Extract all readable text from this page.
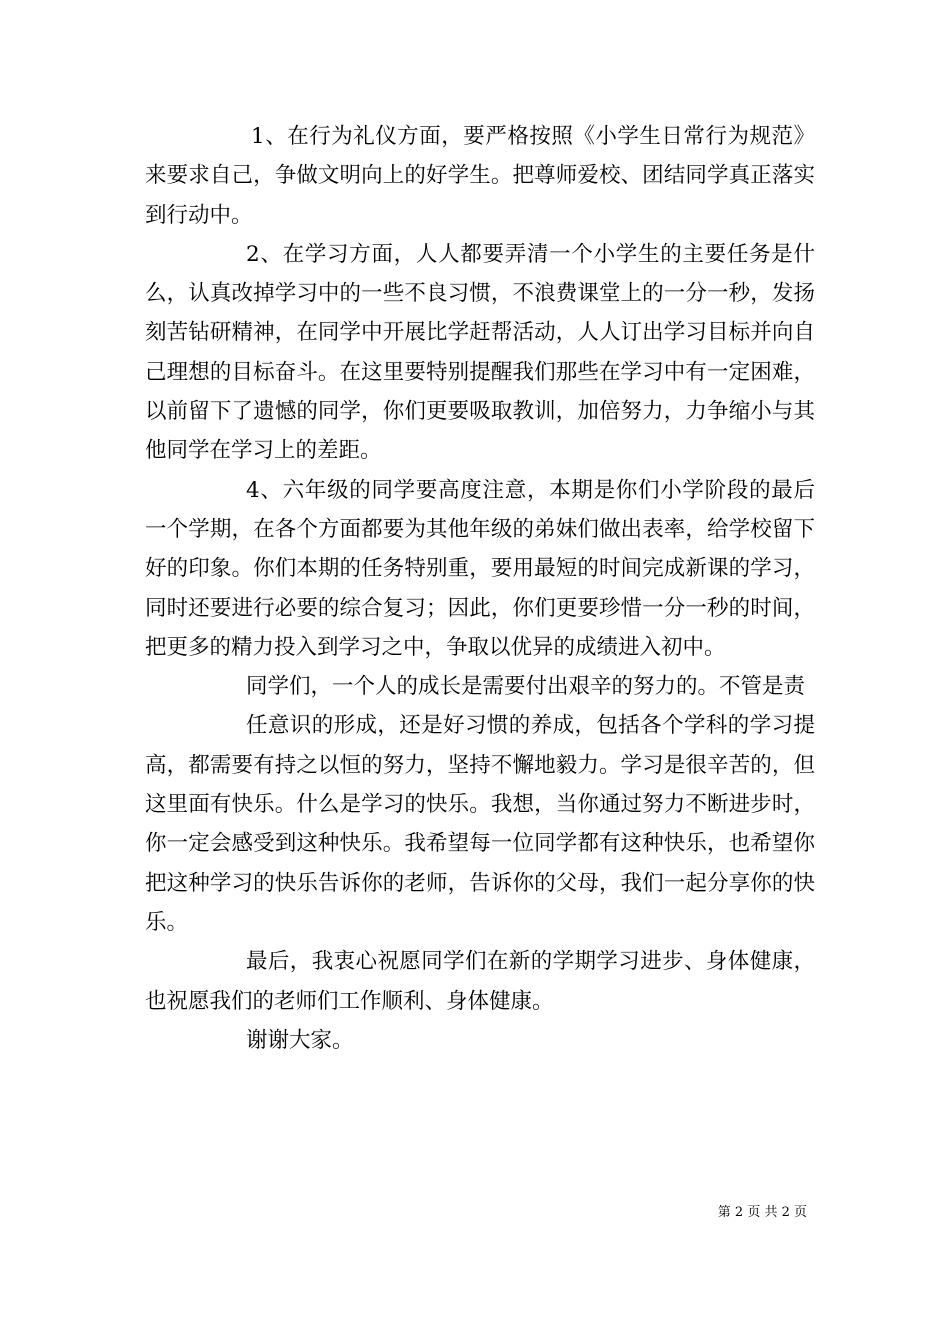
1、在行为礼仪方面，要严格按照《小学生日常行为规范》来要求自己，争做文明向上的好学生。把尊师爱校、团结同学真正落实到行动中。

2、在学习方面，人人都要弄清一个小学生的主要任务是什么，认真改掉学习中的一些不良习惯，不浪费课堂上的一分一秒，发扬刻苦钻研精神，在同学中开展比学赶帮活动，人人订出学习目标并向自己理想的目标奋斗。在这里要特别提醒我们那些在学习中有一定困难，以前留下了遗憾的同学，你们更要吸取教训，加倍努力，力争缩小与其他同学在学习上的差距。

4、六年级的同学要高度注意，本期是你们小学阶段的最后一个学期，在各个方面都要为其他年级的弟妹们做出表率，给学校留下好的印象。你们本期的任务特别重，要用最短的时间完成新课的学习，同时还要进行必要的综合复习；因此，你们更要珍惜一分一秒的时间，把更多的精力投入到学习之中，争取以优异的成绩进入初中。

同学们，一个人的成长是需要付出艰辛的努力的。不管是责

任意识的形成，还是好习惯的养成，包括各个学科的学习提高，都需要有持之以恒的努力，坚持不懈地毅力。学习是很辛苦的，但这里面有快乐。什么是学习的快乐。我想，当你通过努力不断进步时，你一定会感受到这种快乐。我希望每一位同学都有这种快乐，也希望你把这种学习的快乐告诉你的老师，告诉你的父母，我们一起分享你的快乐。

最后，我衷心祝愿同学们在新的学期学习进步、身体健康，也祝愿我们的老师们工作顺利、身体健康。

谢谢大家。

第 2 页 共 2 页
